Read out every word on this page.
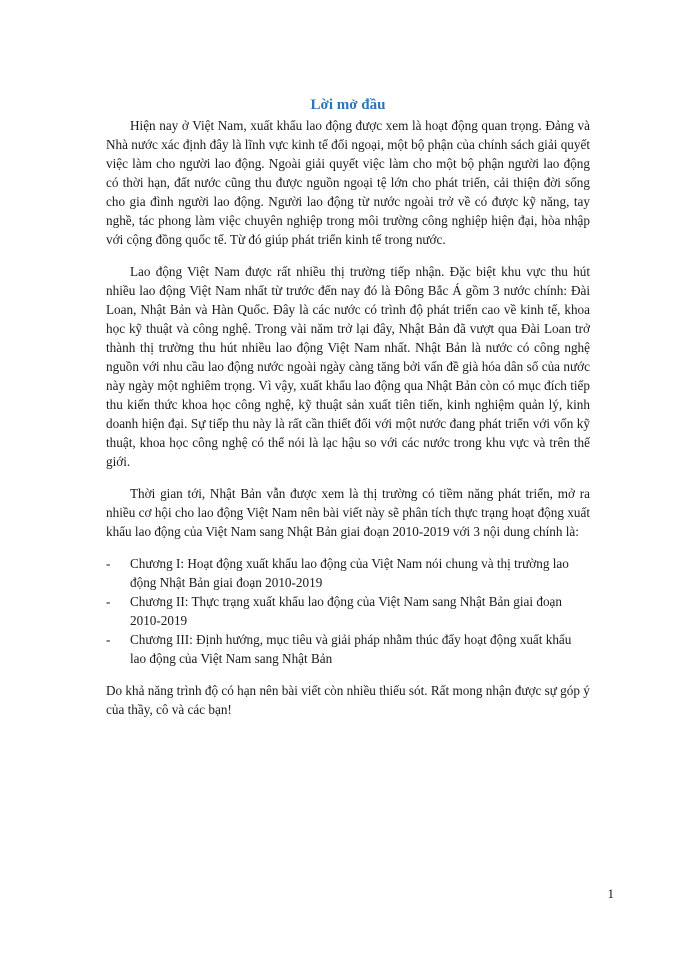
Lời mở đầu

Hiện nay ở Việt Nam, xuất khẩu lao động được xem là hoạt động quan trọng. Đảng và Nhà nước xác định đây là lĩnh vực kinh tế đối ngoại, một bộ phận của chính sách giải quyết việc làm cho người lao động. Ngoài giải quyết việc làm cho một bộ phận người lao động có thời hạn, đất nước cũng thu được nguồn ngoại tệ lớn cho phát triển, cải thiện đời sống cho gia đình người lao động. Người lao động từ nước ngoài trở về có được kỹ năng, tay nghề, tác phong làm việc chuyên nghiệp trong môi trường công nghiệp hiện đại, hòa nhập với cộng đồng quốc tế. Từ đó giúp phát triển kinh tế trong nước.

Lao động Việt Nam được rất nhiều thị trường tiếp nhận. Đặc biệt khu vực thu hút nhiều lao động Việt Nam nhất từ trước đến nay đó là Đông Bắc Á gồm 3 nước chính: Đài Loan, Nhật Bản và Hàn Quốc. Đây là các nước có trình độ phát triển cao về kinh tế, khoa học kỹ thuật và công nghệ. Trong vài năm trở lại đây, Nhật Bản đã vượt qua Đài Loan trở thành thị trường thu hút nhiều lao động Việt Nam nhất. Nhật Bản là nước có công nghệ nguồn với nhu cầu lao động nước ngoài ngày càng tăng bởi vấn đề già hóa dân số của nước này ngày một nghiêm trọng. Vì vậy, xuất khẩu lao động qua Nhật Bản còn có mục đích tiếp thu kiến thức khoa học công nghệ, kỹ thuật sản xuất tiên tiến, kinh nghiệm quản lý, kinh doanh hiện đại. Sự tiếp thu này là rất cần thiết đối với một nước đang phát triển với vốn kỹ thuật, khoa học công nghệ có thể nói là lạc hậu so với các nước trong khu vực và trên thế giới.

Thời gian tới, Nhật Bản vẫn được xem là thị trường có tiềm năng phát triển, mở ra nhiều cơ hội cho lao động Việt Nam nên bài viết này sẽ phân tích thực trạng hoạt động xuất khẩu lao động của Việt Nam sang Nhật Bản giai đoạn 2010-2019 với 3 nội dung chính là:

- Chương I: Hoạt động xuất khẩu lao động của Việt Nam nói chung và thị trường lao động Nhật Bản giai đoạn 2010-2019
- Chương II: Thực trạng xuất khẩu lao động của Việt Nam sang Nhật Bản giai đoạn 2010-2019
- Chương III: Định hướng, mục tiêu và giải pháp nhằm thúc đẩy hoạt động xuất khẩu lao động của Việt Nam sang Nhật Bản

Do khả năng trình độ có hạn nên bài viết còn nhiều thiếu sót. Rất mong nhận được sự góp ý của thầy, cô và các bạn!

1
